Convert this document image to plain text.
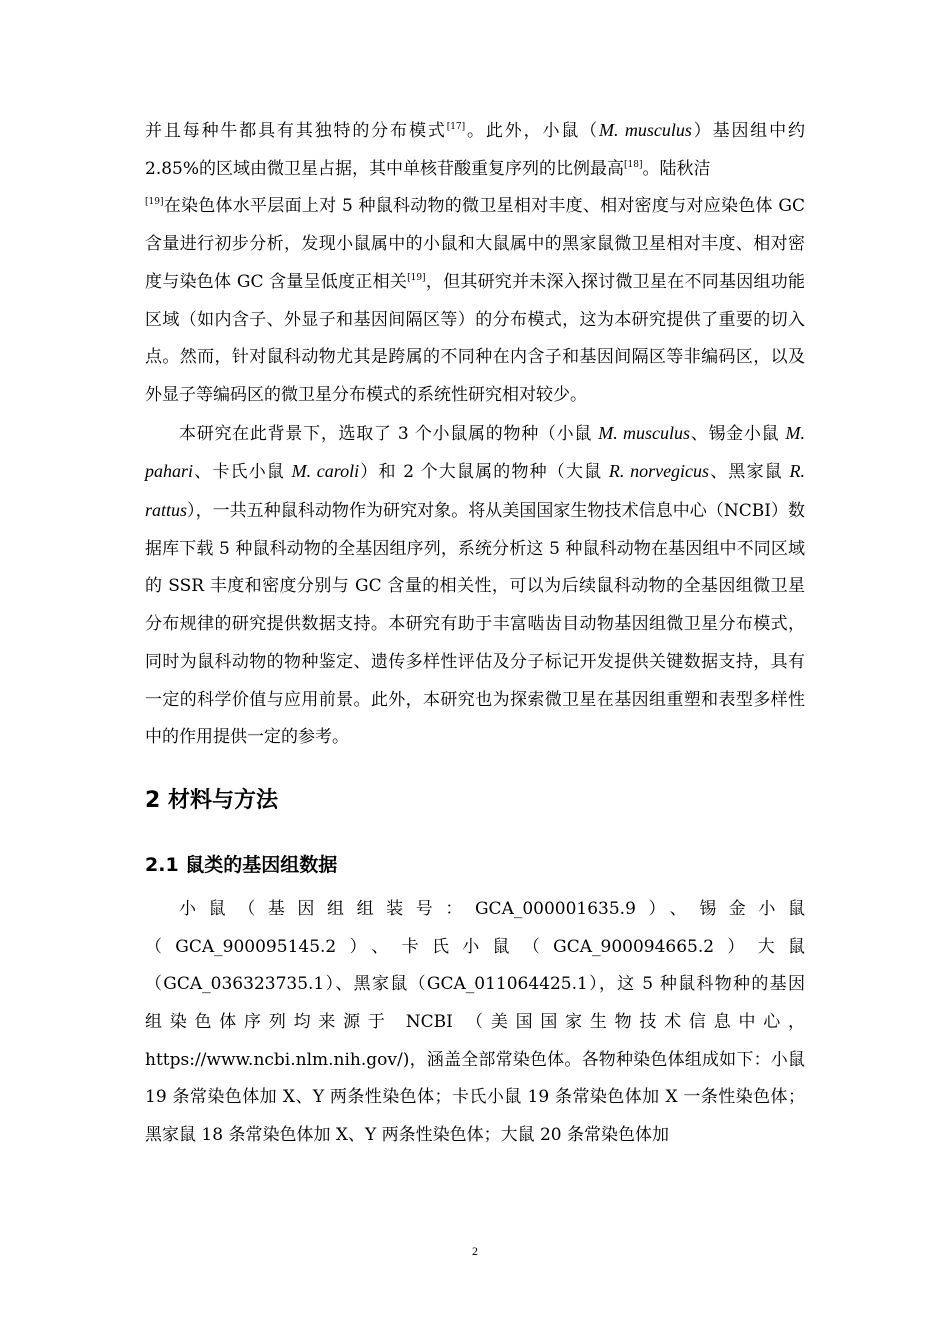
并且每种牛都具有其独特的分布模式[17]。此外，小鼠（M. musculus）基因组中约 2.85%的区域由微卫星占据，其中单核苷酸重复序列的比例最高[18]。陆秋洁
[19]在染色体水平层面上对 5 种鼠科动物的微卫星相对丰度、相对密度与对应染色体 GC 含量进行初步分析，发现小鼠属中的小鼠和大鼠属中的黑家鼠微卫星相对丰度、相对密度与染色体 GC 含量呈低度正相关[19]，但其研究并未深入探讨微卫星在不同基因组功能区域（如内含子、外显子和基因间隔区等）的分布模式，这为本研究提供了重要的切入点。然而，针对鼠科动物尤其是跨属的不同种在内含子和基因间隔区等非编码区，以及外显子等编码区的微卫星分布模式的系统性研究相对较少。

本研究在此背景下，选取了 3 个小鼠属的物种（小鼠 M. musculus、锡金小鼠 M. pahari、卡氏小鼠 M. caroli）和 2 个大鼠属的物种（大鼠 R. norvegicus、黑家鼠 R. rattus），一共五种鼠科动物作为研究对象。将从美国国家生物技术信息中心（NCBI）数据库下载 5 种鼠科动物的全基因组序列，系统分析这 5 种鼠科动物在基因组中不同区域的 SSR 丰度和密度分别与 GC 含量的相关性，可以为后续鼠科动物的全基因组微卫星分布规律的研究提供数据支持。本研究有助于丰富啮齿目动物基因组微卫星分布模式，同时为鼠科动物的物种鉴定、遗传多样性评估及分子标记开发提供关键数据支持，具有一定的科学价值与应用前景。此外，本研究也为探索微卫星在基因组重塑和表型多样性中的作用提供一定的参考。

2 材料与方法
2.1 鼠类的基因组数据

小鼠（基因组组装号：GCA_000001635.9）、锡金小鼠

（GCA_900095145.2）、卡氏小鼠（GCA_900094665.2）大鼠

（GCA_036323735.1）、黑家鼠（GCA_011064425.1），这 5 种鼠科物种的基因

组染色体序列均来源于 NCBI （美国国家生物技术信息中心，

https://www.ncbi.nlm.nih.gov/)，涵盖全部常染色体。各物种染色体组成如下：小鼠 19 条常染色体加 X、Y 两条性染色体；卡氏小鼠 19 条常染色体加 X 一条性染色体；黑家鼠 18 条常染色体加 X、Y 两条性染色体；大鼠 20 条常染色体加

2
